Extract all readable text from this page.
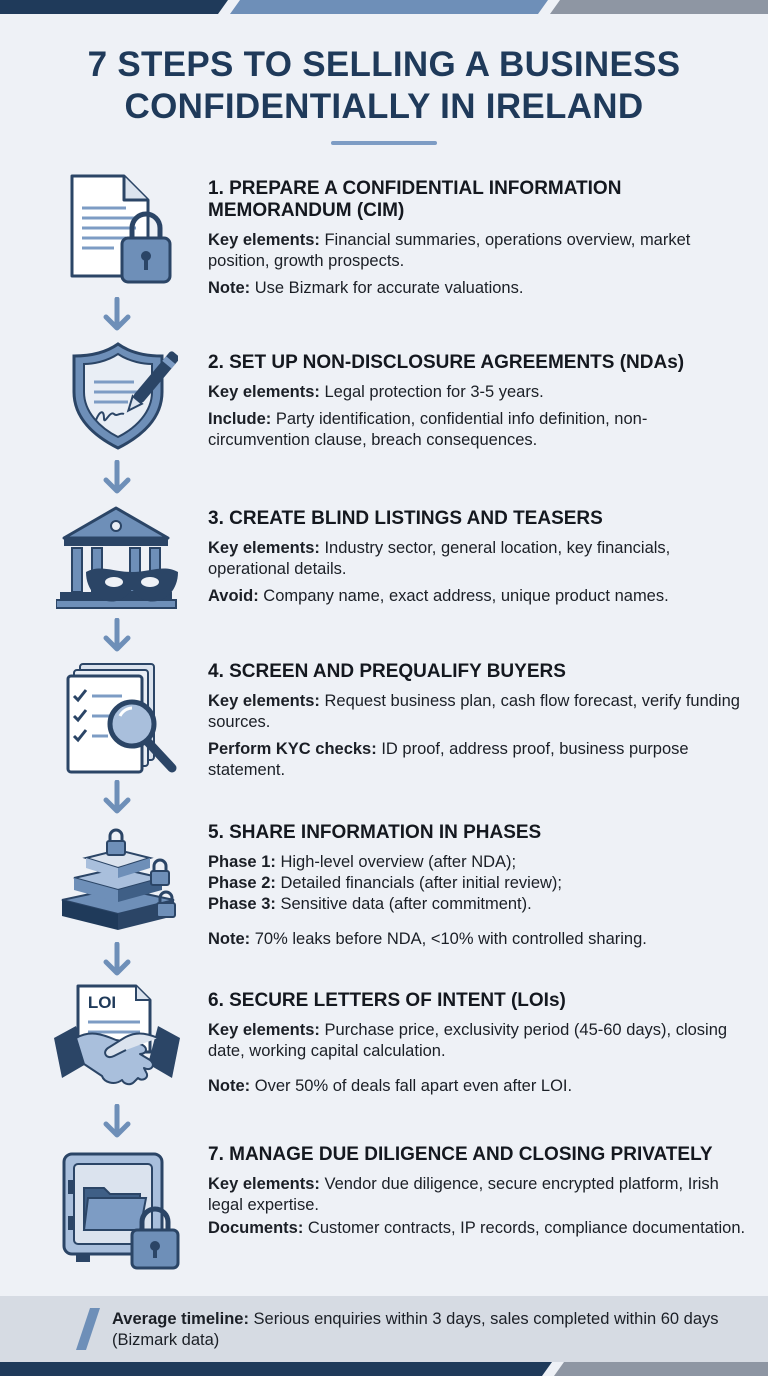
7 STEPS TO SELLING A BUSINESS
CONFIDENTIALLY IN IRELAND
1. PREPARE A CONFIDENTIAL INFORMATION MEMORANDUM (CIM)
Key elements: Financial summaries, operations overview, market position, growth prospects.
Note: Use Bizmark for accurate valuations.
2. SET UP NON-DISCLOSURE AGREEMENTS (NDAs)
Key elements: Legal protection for 3-5 years.
Include: Party identification, confidential info definition, non-circumvention clause, breach consequences.
3. CREATE BLIND LISTINGS AND TEASERS
Key elements: Industry sector, general location, key financials, operational details.
Avoid: Company name, exact address, unique product names.
4. SCREEN AND PREQUALIFY BUYERS
Key elements: Request business plan, cash flow forecast, verify funding sources.
Perform KYC checks: ID proof, address proof, business purpose statement.
5. SHARE INFORMATION IN PHASES
Phase 1: High-level overview (after NDA);
Phase 2: Detailed financials (after initial review);
Phase 3: Sensitive data (after commitment).
Note: 70% leaks before NDA, <10% with controlled sharing.
LOI	6. SECURE LETTERS OF INTENT (LOIs)
Key elements: Purchase price, exclusivity period (45-60 days), closing date, working capital calculation.
Note: Over 50% of deals fall apart even after LOI.
7. MANAGE DUE DILIGENCE AND CLOSING PRIVATELY
Key elements: Vendor due diligence, secure encrypted platform, Irish legal expertise.
Documents: Customer contracts, IP records, compliance documentation.
Average timeline: Serious enquiries within 3 days, sales completed within 60 days (Bizmark data)
